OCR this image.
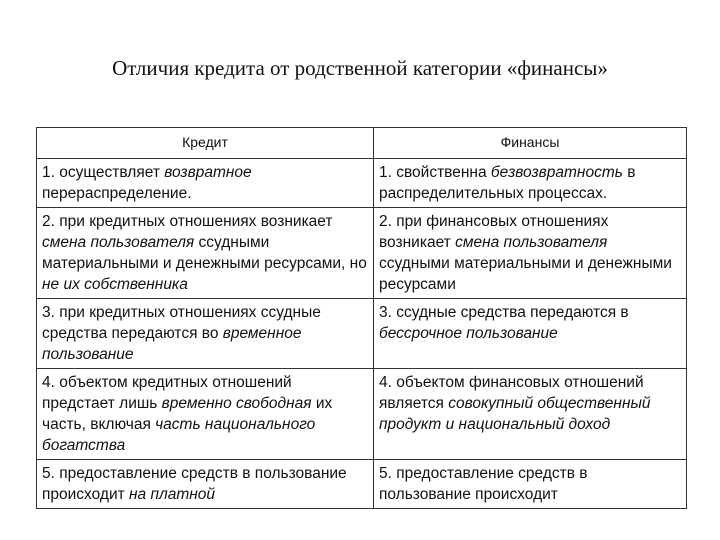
Отличия кредита от родственной категории «финансы»
Кредит	Финансы
1. осуществляет возвратное перераспределение.	1. свойственна безвозвратность в распределительных процессах.
2. при кредитных отношениях возникает смена пользователя ссудными материальными и денежными ресурсами, но не их собственника	2. при финансовых отношениях возникает смена пользователя ссудными материальными и денежными ресурсами
3. при кредитных отношениях ссудные средства передаются во временное пользование	3. ссудные средства передаются в бессрочное пользование
4. объектом кредитных отношений предстает лишь временно свободная их часть, включая часть национального богатства	4. объектом финансовых отношений является совокупный общественный продукт и национальный доход
5. предоставление средств в пользование происходит на платной	5. предоставление средств в пользование происходит
